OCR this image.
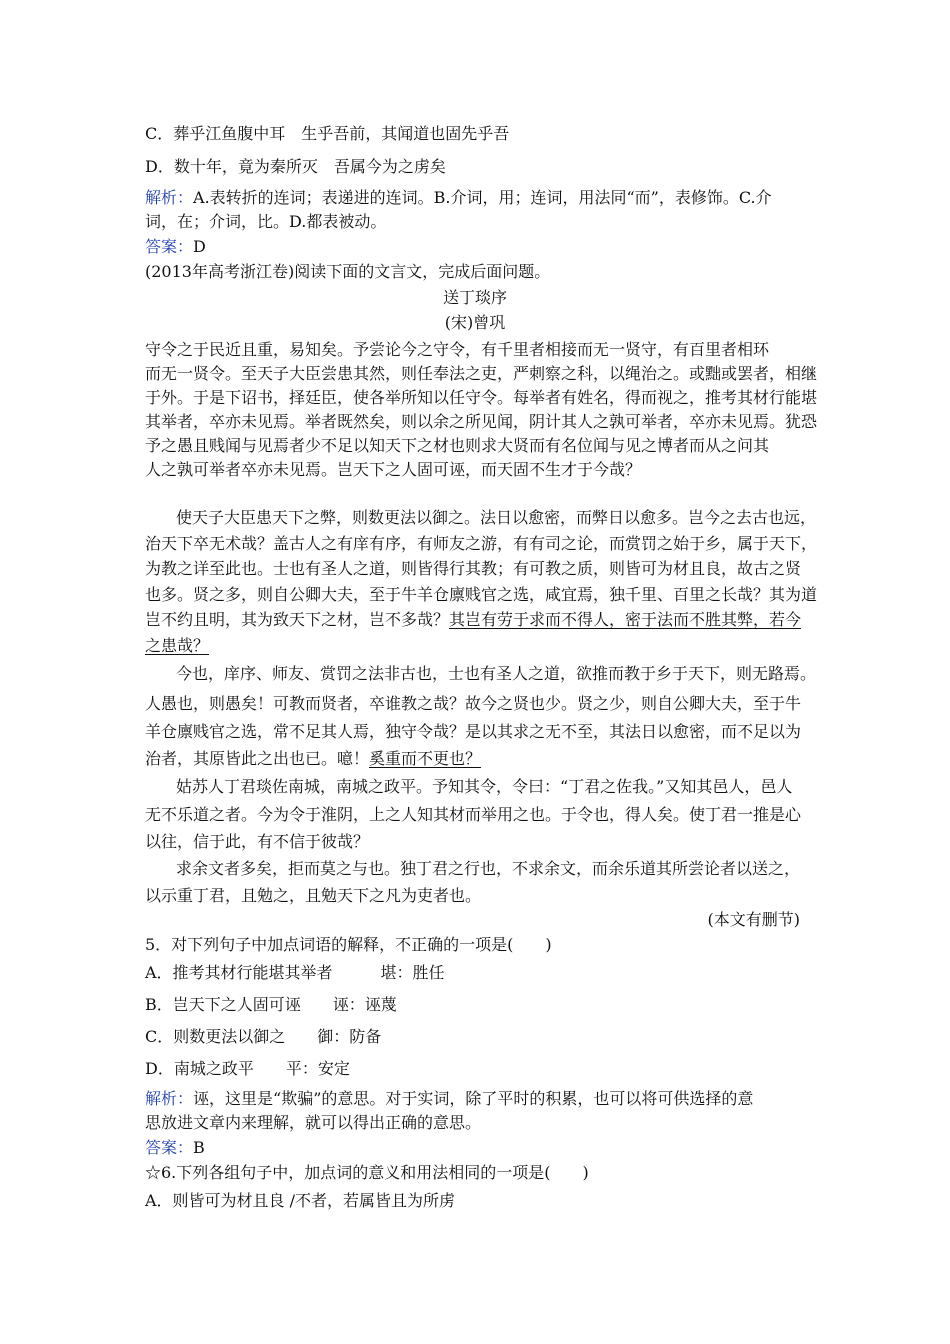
C．葬乎江鱼腹中耳　生乎吾前，其闻道也固先乎吾
D．数十年，竟为秦所灭　吾属今为之虏矣
解析：A.表转折的连词；表递进的连词。B.介词，用；连词，用法同“而”，表修饰。C.介
词，在；介词，比。D.都表被动。
答案：D
(2013年高考浙江卷)阅读下面的文言文，完成后面问题。
守令之于民近且重，易知矣。予尝论今之守令，有千里者相接而无一贤守，有百里者相环
而无一贤令。至天子大臣尝患其然，则任奉法之吏，严刺察之科，以绳治之。或黜或罢者，相继
于外。于是下诏书，择廷臣，使各举所知以任守令。每举者有姓名，得而视之，推考其材行能堪
其举者，卒亦未见焉。举者既然矣，则以余之所见闻，阴计其人之孰可举者，卒亦未见焉。犹恐
予之愚且贱闻与见焉者少不足以知天下之材也则求大贤而有名位闻与见之博者而从之问其
人之孰可举者卒亦未见焉。岂天下之人固可诬，而天固不生才于今哉？
使天子大臣患天下之弊，则数更法以御之。法日以愈密，而弊日以愈多。岂今之去古也远，
治天下卒无术哉？盖古人之有庠有序，有师友之游，有有司之论，而赏罚之始于乡，属于天下，
为教之详至此也。士也有圣人之道，则皆得行其教；有可教之质，则皆可为材且良，故古之贤
也多。贤之多，则自公卿大夫，至于牛羊仓廪贱官之选，咸宜焉，独千里、百里之长哉？其为道
岂不约且明，其为致天下之材，岂不多哉？其岂有劳于求而不得人，密于法而不胜其弊，若今
之患哉？
今也，庠序、师友、赏罚之法非古也，士也有圣人之道，欲推而教于乡于天下，则无路焉。
人愚也，则愚矣！可教而贤者，卒谁教之哉？故今之贤也少。贤之少，则自公卿大夫，至于牛
羊仓廪贱官之选，常不足其人焉，独守令哉？是以其求之无不至，其法日以愈密，而不足以为
治者，其原皆此之出也已。噫！奚重而不更也？
姑苏人丁君琰佐南城，南城之政平。予知其令，令曰：“丁君之佐我。”又知其邑人，邑人
无不乐道之者。今为令于淮阴，上之人知其材而举用之也。于令也，得人矣。使丁君一推是心
以往，信于此，有不信于彼哉？
求余文者多矣，拒而莫之与也。独丁君之行也，不求余文，而余乐道其所尝论者以送之，
以示重丁君，且勉之，且勉天下之凡为吏者也。
5．对下列句子中加点词语的解释，不正确的一项是(　　)
A．推考其材行能堪其举者　　　堪：胜任
B．岂天下之人固可诬　　诬：诬蔑
C．则数更法以御之　　御：防备
D．南城之政平　　平：安定
解析：诬，这里是“欺骗”的意思。对于实词，除了平时的积累，也可以将可供选择的意
思放进文章内来理解，就可以得出正确的意思。
答案：B
☆6.下列各组句子中，加点词的意义和用法相同的一项是(　　)
A．则皆可为材且良 /不者，若属皆且为所虏
送丁琰序
(宋)曾巩
(本文有删节)
